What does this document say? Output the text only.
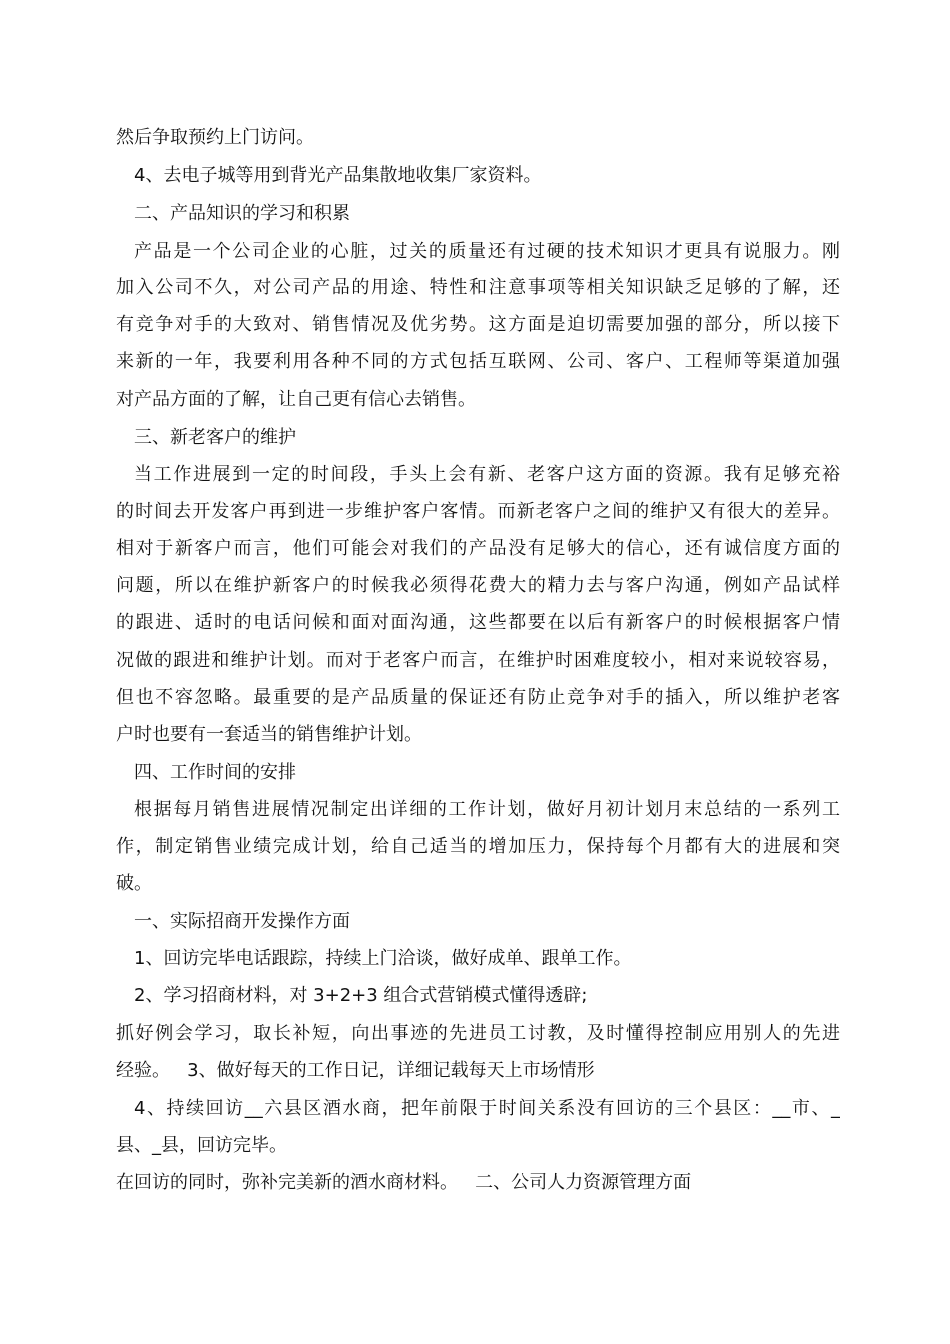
然后争取预约上门访问。
4、去电子城等用到背光产品集散地收集厂家资料。
二、产品知识的学习和积累
产品是一个公司企业的心脏，过关的质量还有过硬的技术知识才更具有说服力。刚
加入公司不久，对公司产品的用途、特性和注意事项等相关知识缺乏足够的了解，还
有竞争对手的大致对、销售情况及优劣势。这方面是迫切需要加强的部分，所以接下
来新的一年，我要利用各种不同的方式包括互联网、公司、客户、工程师等渠道加强
对产品方面的了解，让自己更有信心去销售。
三、新老客户的维护
当工作进展到一定的时间段，手头上会有新、老客户这方面的资源。我有足够充裕
的时间去开发客户再到进一步维护客户客情。而新老客户之间的维护又有很大的差异。
相对于新客户而言，他们可能会对我们的产品没有足够大的信心，还有诚信度方面的
问题，所以在维护新客户的时候我必须得花费大的精力去与客户沟通，例如产品试样
的跟进、适时的电话问候和面对面沟通，这些都要在以后有新客户的时候根据客户情
况做的跟进和维护计划。而对于老客户而言，在维护时困难度较小，相对来说较容易，
但也不容忽略。最重要的是产品质量的保证还有防止竞争对手的插入，所以维护老客
户时也要有一套适当的销售维护计划。
四、工作时间的安排
根据每月销售进展情况制定出详细的工作计划，做好月初计划月末总结的一系列工
作，制定销售业绩完成计划，给自己适当的增加压力，保持每个月都有大的进展和突
破。
一、实际招商开发操作方面
1、回访完毕电话跟踪，持续上门洽谈，做好成单、跟单工作。
2、学习招商材料，对 3+2+3 组合式营销模式懂得透辟;
抓好例会学习，取长补短，向出事迹的先进员工讨教，及时懂得控制应用别人的先进
经验。   3、做好每天的工作日记，详细记载每天上市场情形
4、持续回访__六县区酒水商，把年前限于时间关系没有回访的三个县区：__市、_
县、_县，回访完毕。
在回访的同时，弥补完美新的酒水商材料。   二、公司人力资源管理方面
